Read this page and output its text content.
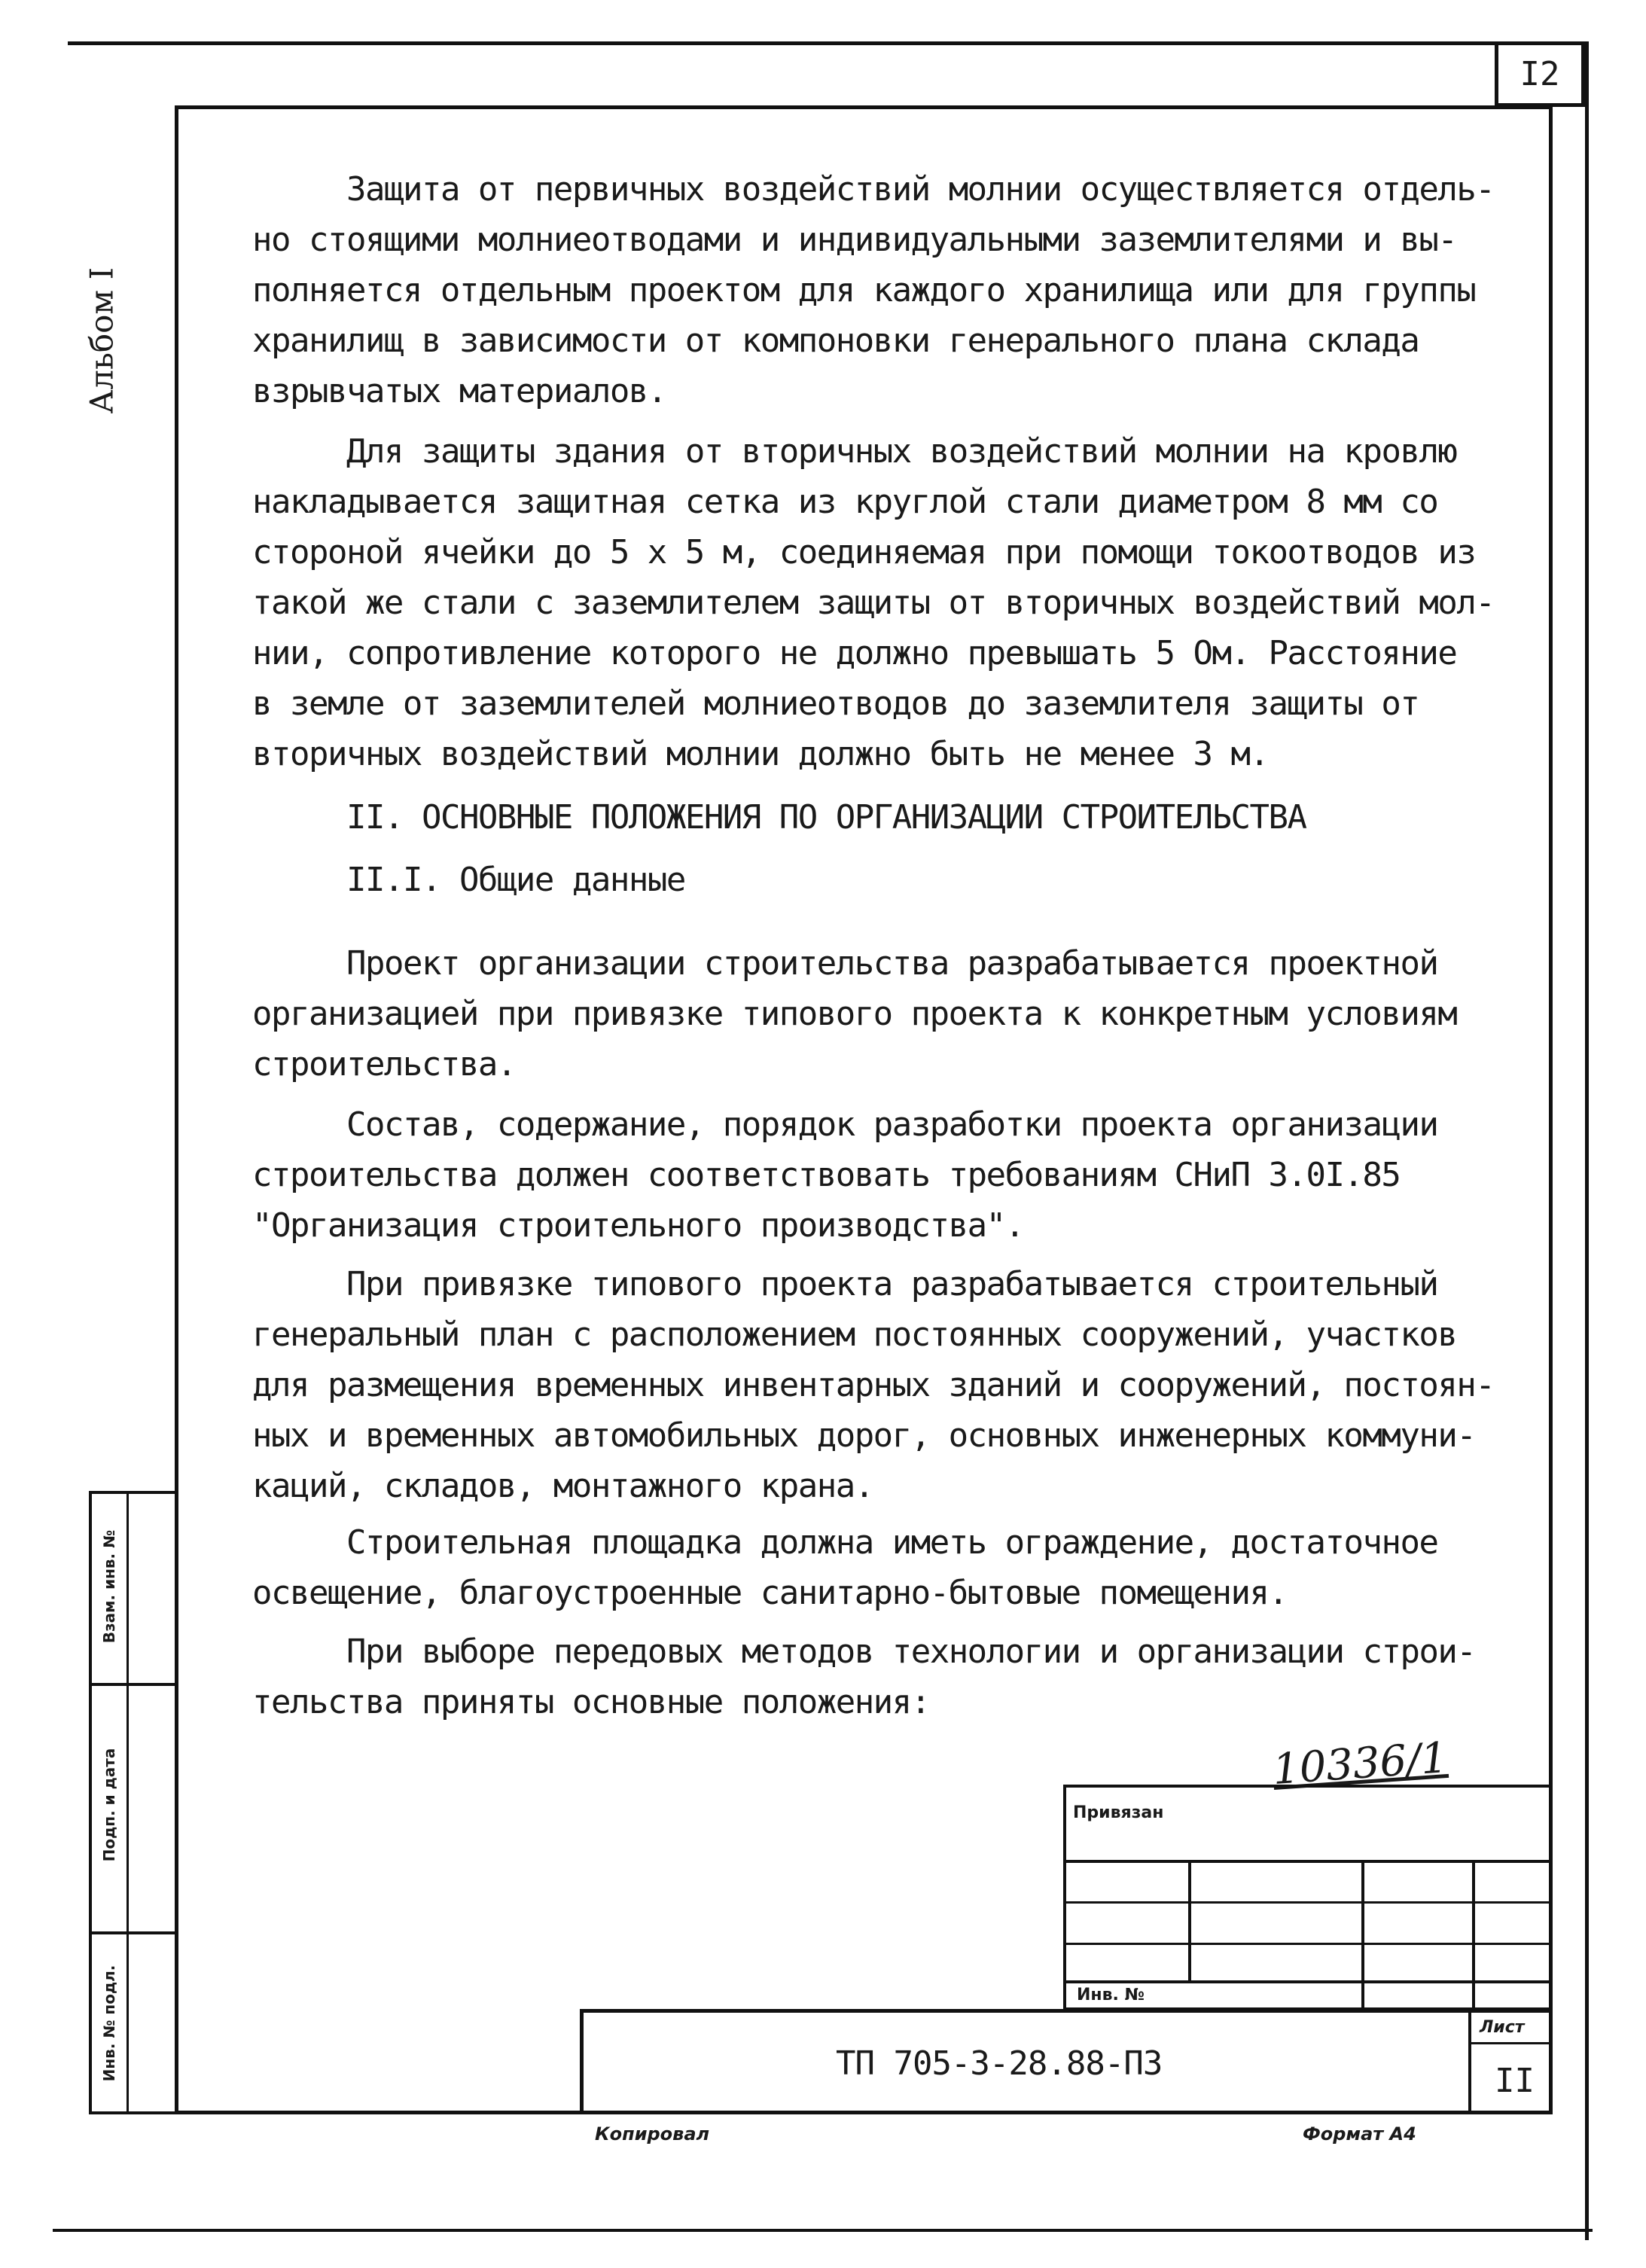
I2
Альбом I
Взам. инв. №
Подп. и дата
Инв. № подл.
Защита от первичных воздействий молнии осуществляется отдель-
но стоящими молниеотводами и индивидуальными заземлителями и вы-
полняется отдельным проектом для каждого хранилища или для группы
хранилищ в зависимости от компоновки генерального плана склада
взрывчатых материалов.
Для защиты здания от вторичных воздействий молнии на кровлю
накладывается защитная сетка из круглой стали диаметром 8 мм со
стороной ячейки до 5 х 5 м, соединяемая при помощи токоотводов из
такой же стали с заземлителем защиты от вторичных воздействий мол-
нии, сопротивление которого не должно превышать 5 Ом. Расстояние
в земле от заземлителей молниеотводов до заземлителя защиты от
вторичных воздействий молнии должно быть не менее 3 м.
II. ОСНОВНЫЕ ПОЛОЖЕНИЯ ПО ОРГАНИЗАЦИИ СТРОИТЕЛЬСТВА
II.I. Общие данные
Проект организации строительства разрабатывается проектной
организацией при привязке типового проекта к конкретным условиям
строительства.
Состав, содержание, порядок разработки проекта организации
строительства должен соответствовать требованиям СНиП 3.0I.85
"Организация строительного производства".
При привязке типового проекта разрабатывается строительный
генеральный план с расположением постоянных сооружений, участков
для размещения временных инвентарных зданий и сооружений, постоян-
ных и временных автомобильных дорог, основных инженерных коммуни-
каций, складов, монтажного крана.
Строительная площадка должна иметь ограждение, достаточное
освещение, благоустроенные санитарно-бытовые помещения.
При выборе передовых методов технологии и организации строи-
тельства приняты основные положения:
10336/1
Привязан
Инв. №
Лист
II
ТП 705-3-28.88-ПЗ
Копировал	Формат А4
